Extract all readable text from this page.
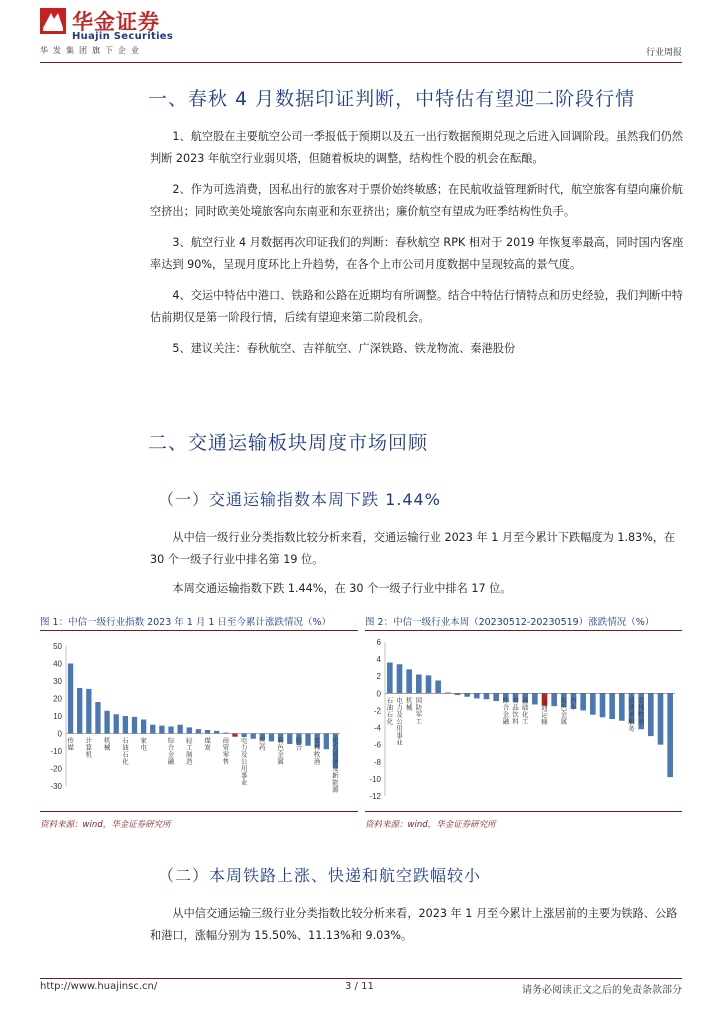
华金证券
Huajin Securities
华发集团旗下企业	行业周报
一、春秋 4 月数据印证判断，中特估有望迎二阶段行情

1、航空股在主要航空公司一季报低于预期以及五一出行数据预期兑现之后进入回调阶段。虽然我们仍然判断 2023 年航空行业弱贝塔，但随着板块的调整，结构性个股的机会在酝酿。

2、作为可选消费，因私出行的旅客对于票价始终敏感；在民航收益管理新时代，航空旅客有望向廉价航空挤出；同时欧美处境旅客向东南亚和东亚挤出；廉价航空有望成为旺季结构性负手。

3、航空行业 4 月数据再次印证我们的判断：春秋航空 RPK 相对于 2019 年恢复率最高，同时国内客座率达到 90%，呈现月度环比上升趋势，在各个上市公司月度数据中呈现较高的景气度。

4、交运中特估中港口、铁路和公路在近期均有所调整。结合中特估行情特点和历史经验，我们判断中特估前期仅是第一阶段行情，后续有望迎来第二阶段机会。

5、建议关注：春秋航空、吉祥航空、广深铁路、铁龙物流、秦港股份

二、交通运输板块周度市场回顾
（一）交通运输指数本周下跌 1.44%

从中信一级行业分类指数比较分析来看，交通运输行业 2023 年 1 月至今累计下跌幅度为 1.83%，在 30 个一级子行业中排名第 19 位。

本周交通运输指数下跌 1.44%，在 30 个一级子行业中排名 17 位。

图 1：中信一级行业指数 2023 年 1 月 1 日至今累计涨跌情况（%）
-30
-20
-10
0
10
20
30
40
50
传媒
计算机
机械
石油石化
家电
综合金融
轻工制造
煤炭
商贸零售
电力及公用事业
医药
有色金属
综合
农林牧渔
电力设备及新能源
资料来源：wind，华金证券研究所
图 2：中信一级行业本周（20230512-20230519）涨跌情况（%）
-12
-10
-8
-6
-4
-2
0
2
4
6
石油石化
机械
电力及公用事业
国防军工
基础化工
综合金融
食品饮料
交通运输
汽车
有色金属
消费者服务
农林牧渔
资料来源：wind，华金证券研究所
（二）本周铁路上涨、快递和航空跌幅较小

从中信交通运输三级行业分类指数比较分析来看，2023 年 1 月至今累计上涨居前的主要为铁路、公路和港口，涨幅分别为 15.50%、11.13%和 9.03%。

http://www.huajinsc.cn/	3 / 11	请务必阅读正文之后的免责条款部分
